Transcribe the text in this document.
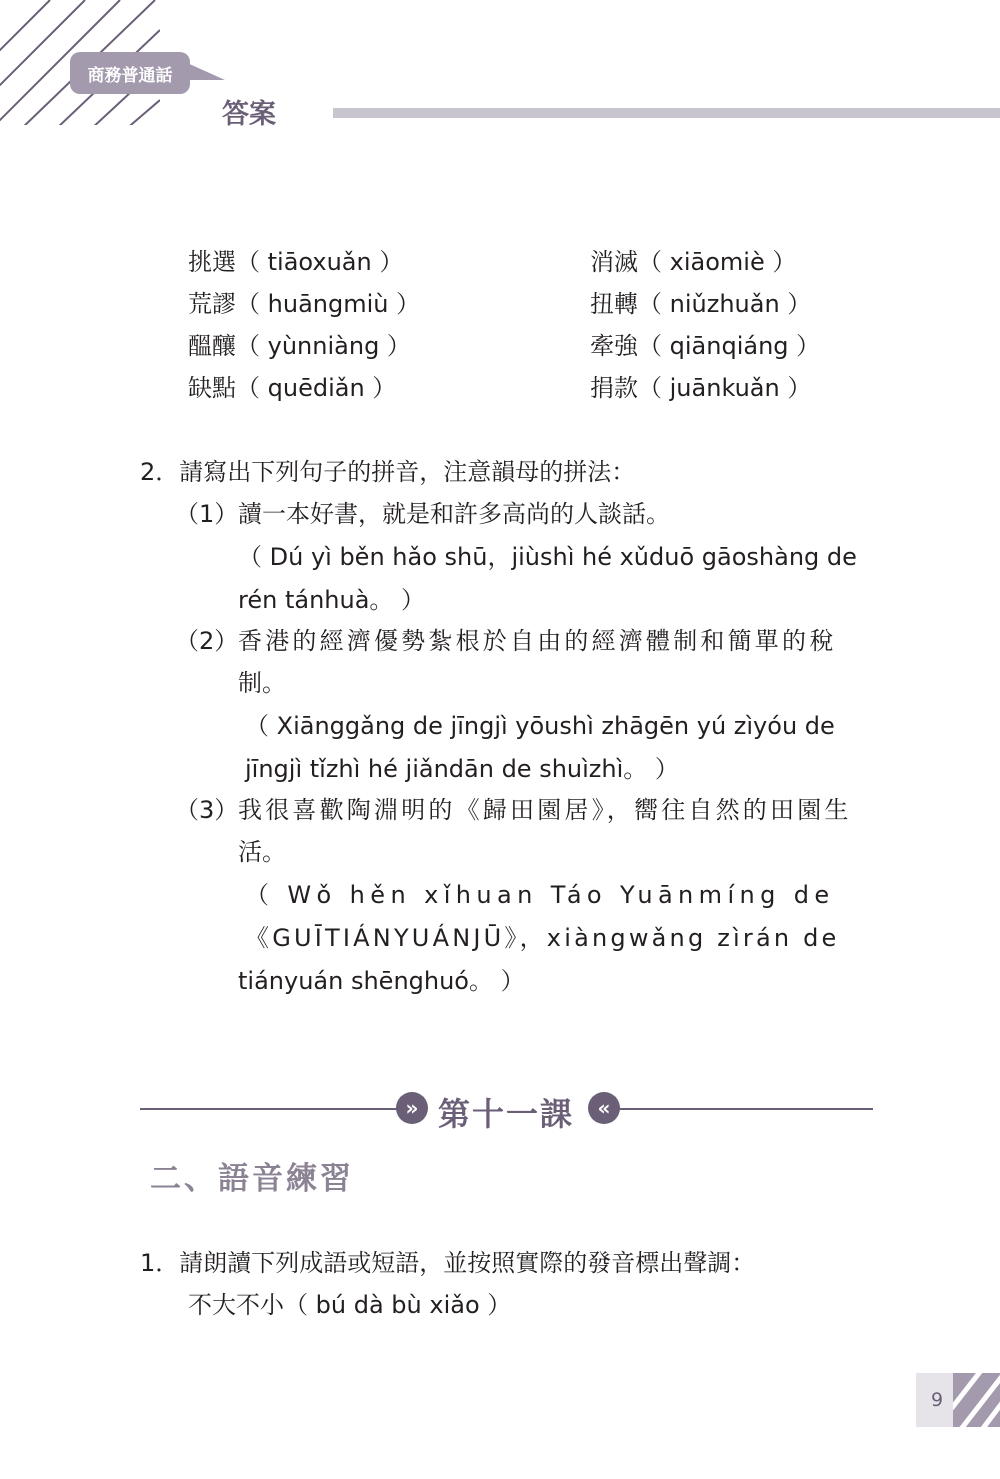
商務普通話
答案
挑選（ tiāoxuǎn ）	消滅（ xiāomiè ）
荒謬（ huāngmiù ）	扭轉（ niǔzhuǎn ）
醞釀（ yùnniàng ）	牽強（ qiānqiáng ）
缺點（ quēdiǎn ）	捐款（ juānkuǎn ）
2．請寫出下列句子的拼音，注意韻母的拼法：
（1） 讀一本好書，就是和許多高尚的人談話。
（ Dú yì běn hǎo shū，jiùshì hé xǔduō gāoshàng de
rén tánhuà。 ）
（2） 香港的經濟優勢紮根於自由的經濟體制和簡單的稅
制。
（ Xiānggǎng de jīngjì yōushì zhāgēn yú zìyóu de
jīngjì tǐzhì hé jiǎndān de shuìzhì。 ）
（3） 我很喜歡陶淵明的《歸田園居》，嚮往自然的田園生
活。
（ Wǒ hěn xǐhuan Táo Yuānmíng de
《GUĪTIÁNYUÁNJŪ》，xiàngwǎng zìrán de
tiányuán shēnghuó。 ）
» 第十一課	«
二、語音練習
1．請朗讀下列成語或短語，並按照實際的發音標出聲調：
不大不小（ bú dà bù xiǎo ）
9
